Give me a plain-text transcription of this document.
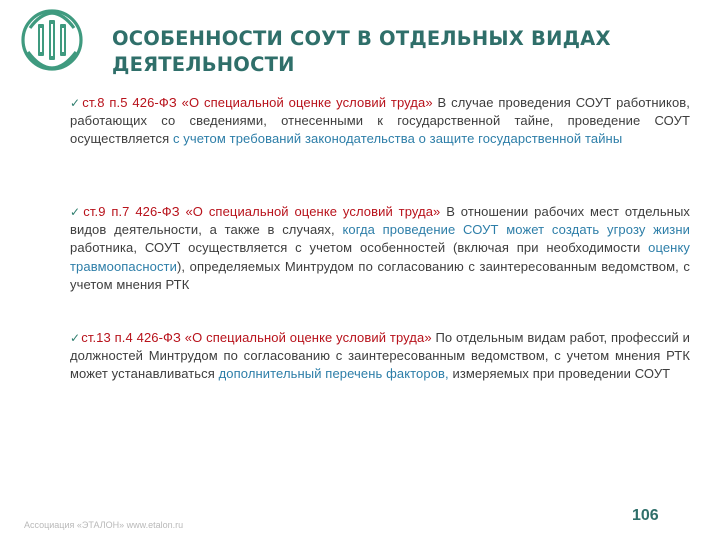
ОСОБЕННОСТИ СОУТ В ОТДЕЛЬНЫХ ВИДАХ
ДЕЯТЕЛЬНОСТИ
✓ст.8 п.5 426-ФЗ «О специальной оценке условий труда» В случае проведения СОУТ работников, работающих со сведениями, отнесенными к государственной тайне, проведение СОУТ осуществляется с учетом требований законодательства о защите государственной тайны
✓ст.9 п.7 426-ФЗ «О специальной оценке условий труда» В отношении рабочих мест отдельных видов деятельности, а также в случаях, когда проведение СОУТ может создать угрозу жизни работника, СОУТ осуществляется с учетом особенностей (включая при необходимости оценку травмоопасности), определяемых Минтрудом по согласованию с заинтересованным ведомством, с учетом мнения РТК
✓ст.13 п.4 426-ФЗ «О специальной оценке условий труда» По отдельным видам работ, профессий и должностей Минтрудом по согласованию с заинтересованным ведомством, с учетом мнения РТК может устанавливаться дополнительный перечень факторов, измеряемых при проведении СОУТ
Ассоциация «ЭТАЛОН» www.etalon.ru
106
